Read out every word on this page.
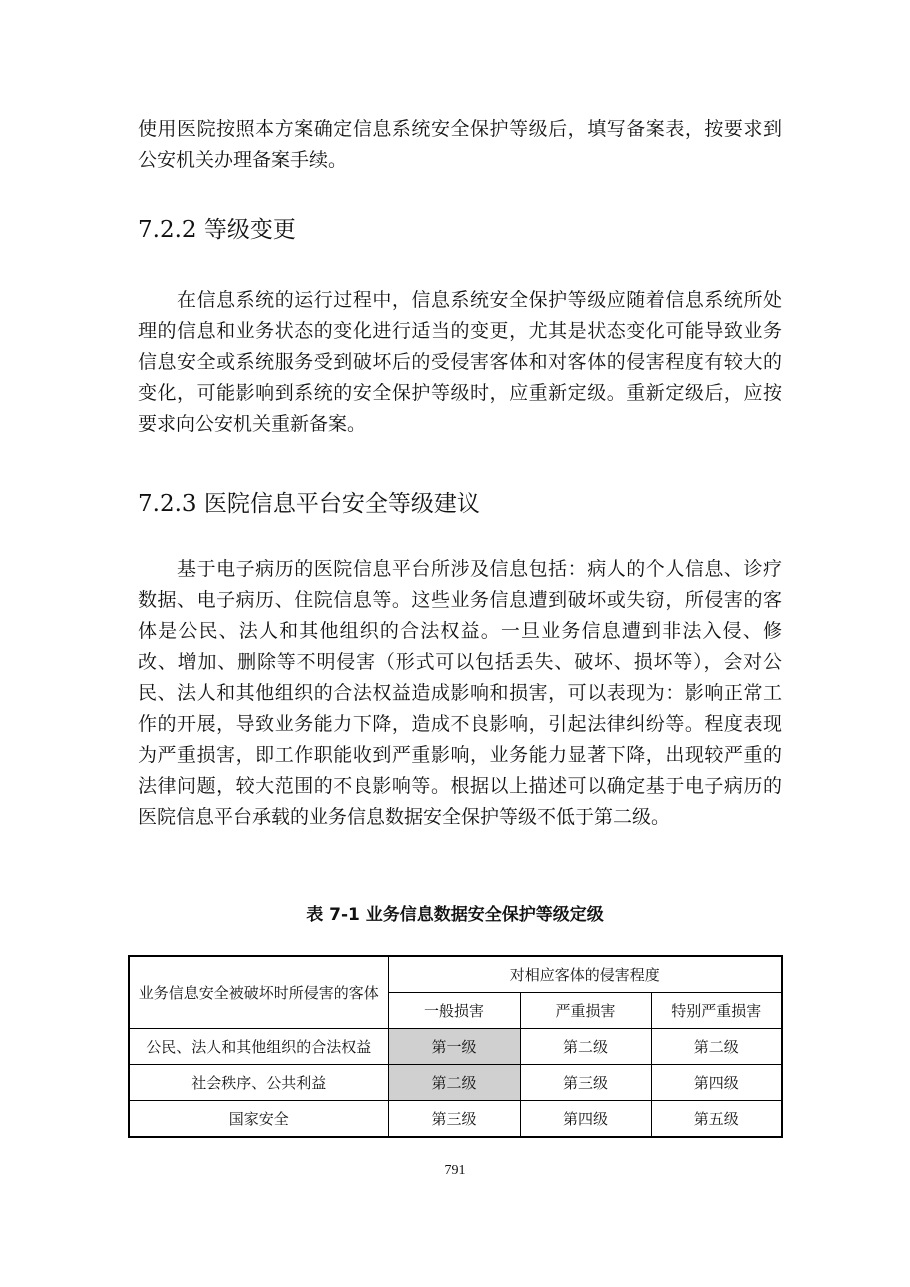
使用医院按照本方案确定信息系统安全保护等级后，填写备案表，按要求到公安机关办理备案手续。

7.2.2 等级变更

　　在信息系统的运行过程中，信息系统安全保护等级应随着信息系统所处理的信息和业务状态的变化进行适当的变更，尤其是状态变化可能导致业务信息安全或系统服务受到破坏后的受侵害客体和对客体的侵害程度有较大的变化，可能影响到系统的安全保护等级时，应重新定级。重新定级后，应按要求向公安机关重新备案。

7.2.3 医院信息平台安全等级建议

　　基于电子病历的医院信息平台所涉及信息包括：病人的个人信息、诊疗数据、电子病历、住院信息等。这些业务信息遭到破坏或失窃，所侵害的客体是公民、法人和其他组织的合法权益。一旦业务信息遭到非法入侵、修改、增加、删除等不明侵害（形式可以包括丢失、破坏、损坏等），会对公民、法人和其他组织的合法权益造成影响和损害，可以表现为：影响正常工作的开展，导致业务能力下降，造成不良影响，引起法律纠纷等。程度表现为严重损害，即工作职能收到严重影响，业务能力显著下降，出现较严重的法律问题，较大范围的不良影响等。根据以上描述可以确定基于电子病历的医院信息平台承载的业务信息数据安全保护等级不低于第二级。

表 7-1 业务信息数据安全保护等级定级
业务信息安全被破坏时所侵害的客体	对相应客体的侵害程度		
	一般损害	严重损害	特别严重损害
公民、法人和其他组织的合法权益	第一级	第二级	第二级
社会秩序、公共利益	第二级	第三级	第四级
国家安全	第三级	第四级	第五级
791
